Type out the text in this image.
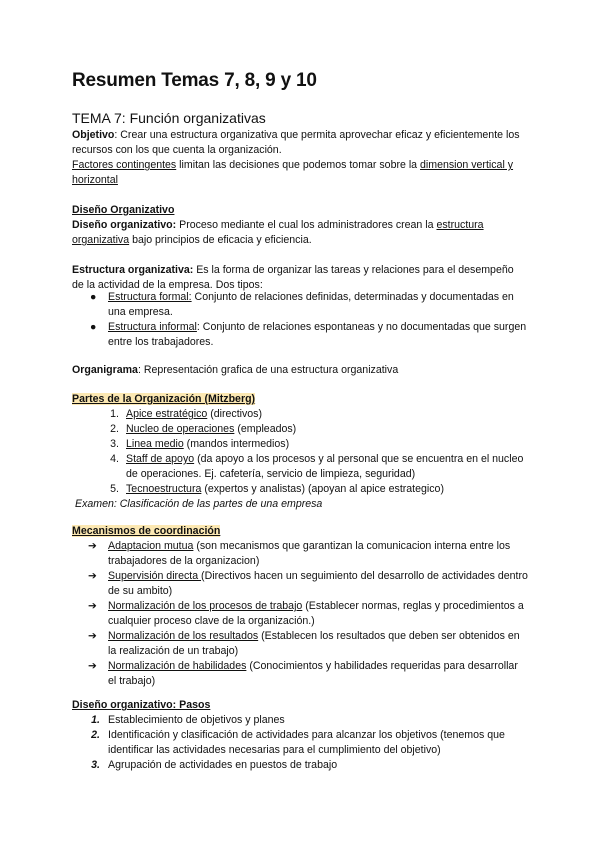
Resumen Temas 7, 8, 9 y 10
TEMA 7: Función organizativas
Objetivo: Crear una estructura organizativa que permita aprovechar eficaz y eficientemente los recursos con los que cuenta la organización.
Factores contingentes limitan las decisiones que podemos tomar sobre la dimension vertical y horizontal
Diseño Organizativo
Diseño organizativo: Proceso mediante el cual los administradores crean la estructura organizativa bajo principios de eficacia y eficiencia.
Estructura organizativa: Es la forma de organizar las tareas y relaciones para el desempeño de la actividad de la empresa. Dos tipos:
●	Estructura formal: Conjunto de relaciones definidas, determinadas y documentadas en una empresa.
●	Estructura informal: Conjunto de relaciones espontaneas y no documentadas que surgen entre los trabajadores.
Organigrama: Representación grafica de una estructura organizativa
Partes de la Organización (Mitzberg)
1. Apice estratégico (directivos)
2. Nucleo de operaciones (empleados)
3. Linea medio (mandos intermedios)
4. Staff de apoyo (da apoyo a los procesos y al personal que se encuentra en el nucleo de operaciones. Ej. cafetería, servicio de limpieza, seguridad)
5. Tecnoestructura (expertos y analistas) (apoyan al apice estrategico)
Examen: Clasificación de las partes de una empresa
Mecanismos de coordinación
➔	Adaptacion mutua (son mecanismos que garantizan la comunicacion interna entre los trabajadores de la organizacion)
➔	Supervisión directa (Directivos hacen un seguimiento del desarrollo de actividades dentro de su ambito)
➔	Normalización de los procesos de trabajo (Establecer normas, reglas y procedimientos a cualquier proceso clave de la organización.)
➔	Normalización de los resultados (Establecen los resultados que deben ser obtenidos en la realización de un trabajo)
➔	Normalización de habilidades (Conocimientos y habilidades requeridas para desarrollar el trabajo)
Diseño organizativo: Pasos
1. Establecimiento de objetivos y planes
2. Identificación y clasificación de actividades para alcanzar los objetivos (tenemos que identificar las actividades necesarias para el cumplimiento del objetivo)
3. Agrupación de actividades en puestos de trabajo
